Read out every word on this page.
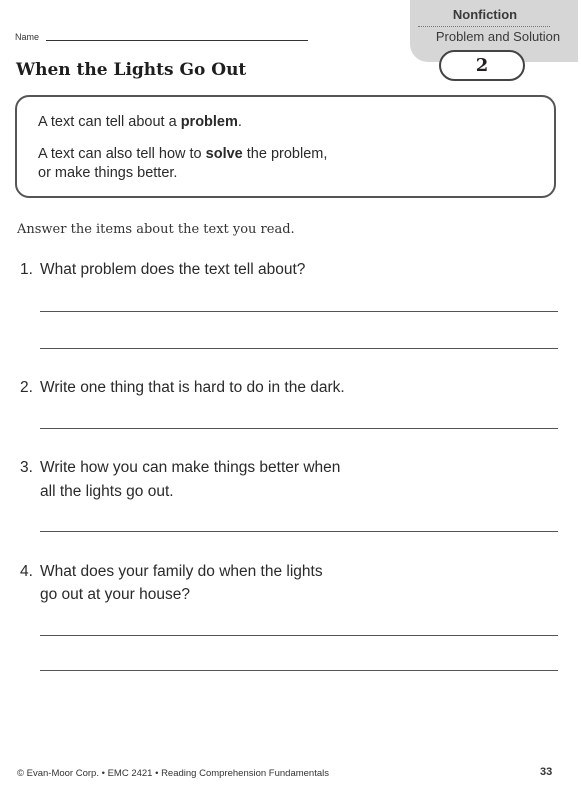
Nonfiction
Problem and Solution
2
Name
When the Lights Go Out
A text can tell about a problem.
A text can also tell how to solve the problem,
or make things better.
Answer the items about the text you read.
1. What problem does the text tell about?
2. Write one thing that is hard to do in the dark.
3. Write how you can make things better when
all the lights go out.
4. What does your family do when the lights
go out at your house?
© Evan-Moor Corp. • EMC 2421 • Reading Comprehension Fundamentals	33
